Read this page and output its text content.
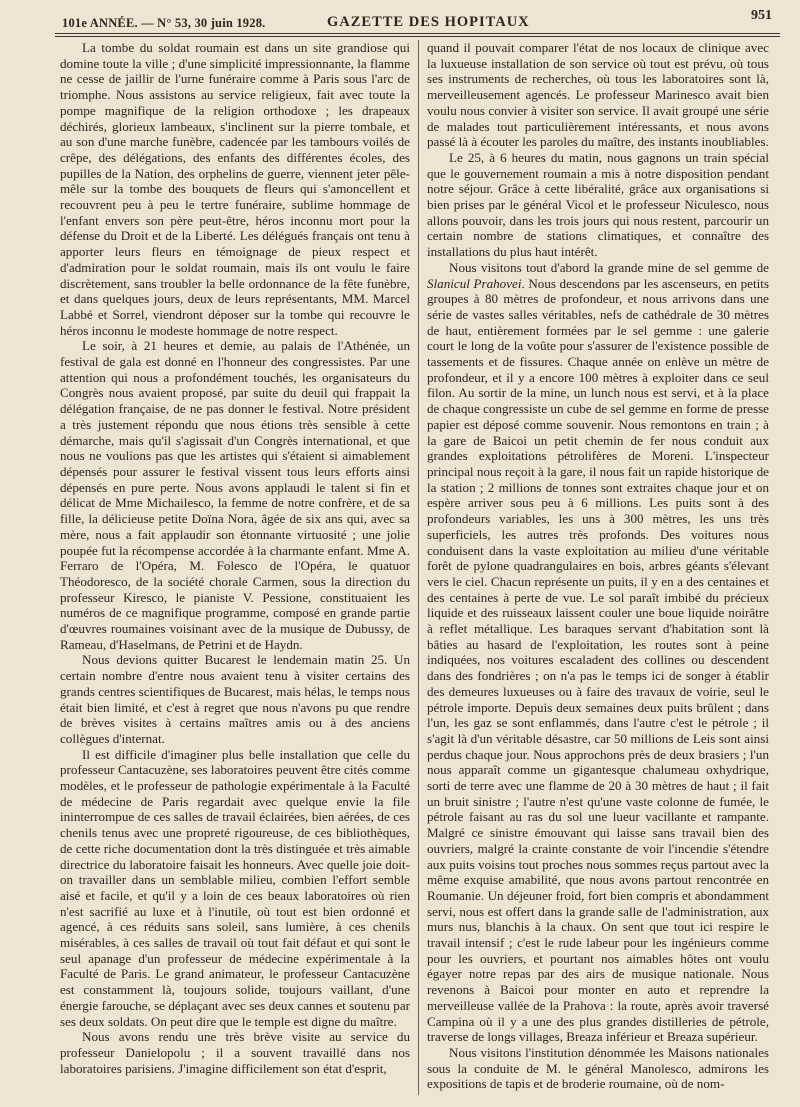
101e ANNÉE. — N° 53, 30 juin 1928.	GAZETTE DES HOPITAUX	951

La tombe du soldat roumain est dans un site grandiose qui domine toute la ville ; d'une simplicité impressionnante, la flamme ne cesse de jaillir de l'urne funéraire comme à Paris sous l'arc de triomphe. Nous assistons au service religieux, fait avec toute la pompe magnifique de la religion orthodoxe ; les drapeaux déchirés, glorieux lambeaux, s'inclinent sur la pierre tombale, et au son d'une marche funèbre, cadencée par les tambours voilés de crêpe, des délégations, des enfants des différentes écoles, des pupilles de la Nation, des orphelins de guerre, viennent jeter pêle-mêle sur la tombe des bouquets de fleurs qui s'amoncellent et recouvrent peu à peu le tertre funéraire, sublime hommage de l'enfant envers son père peut-être, héros inconnu mort pour la défense du Droit et de la Liberté. Les délégués français ont tenu à apporter leurs fleurs en témoignage de pieux respect et d'admiration pour le soldat roumain, mais ils ont voulu le faire discrètement, sans troubler la belle ordonnance de la fête funèbre, et dans quelques jours, deux de leurs représentants, MM. Marcel Labbé et Sorrel, viendront déposer sur la tombe qui recouvre le héros inconnu le modeste hommage de notre respect.

Le soir, à 21 heures et demie, au palais de l'Athénée, un festival de gala est donné en l'honneur des congressistes. Par une attention qui nous a profondément touchés, les organisateurs du Congrès nous avaient proposé, par suite du deuil qui frappait la délégation française, de ne pas donner le festival. Notre président a très justement répondu que nous étions très sensible à cette démarche, mais qu'il s'agissait d'un Congrès international, et que nous ne voulions pas que les artistes qui s'étaient si aimablement dépensés pour assurer le festival vissent tous leurs efforts ainsi dépensés en pure perte. Nous avons applaudi le talent si fin et délicat de Mme Michailesco, la femme de notre confrère, et de sa fille, la délicieuse petite Doïna Nora, âgée de six ans qui, avec sa mère, nous a fait applaudir son étonnante virtuosité ; une jolie poupée fut la récompense accordée à la charmante enfant. Mme A. Ferraro de l'Opéra, M. Folesco de l'Opéra, le quatuor Théodoresco, de la société chorale Carmen, sous la direction du professeur Kiresco, le pianiste V. Pessione, constituaient les numéros de ce magnifique programme, composé en grande partie d'œuvres roumaines voisinant avec de la musique de Dubussy, de Rameau, d'Haselmans, de Petrini et de Haydn.

Nous devions quitter Bucarest le lendemain matin 25. Un certain nombre d'entre nous avaient tenu à visiter certains des grands centres scientifiques de Bucarest, mais hélas, le temps nous était bien limité, et c'est à regret que nous n'avons pu que rendre de brèves visites à certains maîtres amis ou à des anciens collègues d'internat.

Il est difficile d'imaginer plus belle installation que celle du professeur Cantacuzène, ses laboratoires peuvent être cités comme modèles, et le professeur de pathologie expérimentale à la Faculté de médecine de Paris regardait avec quelque envie la file ininterrompue de ces salles de travail éclairées, bien aérées, de ces chenils tenus avec une propreté rigoureuse, de ces bibliothèques, de cette riche documentation dont la très distinguée et très aimable directrice du laboratoire faisait les honneurs. Avec quelle joie doit-on travailler dans un semblable milieu, combien l'effort semble aisé et facile, et qu'il y a loin de ces beaux laboratoires où rien n'est sacrifié au luxe et à l'inutile, où tout est bien ordonné et agencé, à ces réduits sans soleil, sans lumière, à ces chenils misérables, à ces salles de travail où tout fait défaut et qui sont le seul apanage d'un professeur de médecine expérimentale à la Faculté de Paris. Le grand animateur, le professeur Cantacuzène est constamment là, toujours solide, toujours vaillant, d'une énergie farouche, se déplaçant avec ses deux cannes et soutenu par ses deux soldats. On peut dire que le temple est digne du maître.

Nous avons rendu une très brève visite au service du professeur Danielopolu ; il a souvent travaillé dans nos laboratoires parisiens. J'imagine difficilement son état d'esprit,

quand il pouvait comparer l'état de nos locaux de clinique avec la luxueuse installation de son service où tout est prévu, où tous ses instruments de recherches, où tous les laboratoires sont là, merveilleusement agencés. Le professeur Marinesco avait bien voulu nous convier à visiter son service. Il avait groupé une série de malades tout particulièrement intéressants, et nous avons passé là à écouter les paroles du maître, des instants inoubliables.

Le 25, à 6 heures du matin, nous gagnons un train spécial que le gouvernement roumain a mis à notre disposition pendant notre séjour. Grâce à cette libéralité, grâce aux organisations si bien prises par le général Vicol et le professeur Niculesco, nous allons pouvoir, dans les trois jours qui nous restent, parcourir un certain nombre de stations climatiques, et connaître des installations du plus haut intérêt.

Nous visitons tout d'abord la grande mine de sel gemme de Slanicul Prahovei. Nous descendons par les ascenseurs, en petits groupes à 80 mètres de profondeur, et nous arrivons dans une série de vastes salles véritables, nefs de cathédrale de 30 mètres de haut, entièrement formées par le sel gemme : une galerie court le long de la voûte pour s'assurer de l'existence possible de tassements et de fissures. Chaque année on enlève un mètre de profondeur, et il y a encore 100 mètres à exploiter dans ce seul filon. Au sortir de la mine, un lunch nous est servi, et à la place de chaque congressiste un cube de sel gemme en forme de presse papier est déposé comme souvenir. Nous remontons en train ; à la gare de Baicoi un petit chemin de fer nous conduit aux grandes exploitations pétrolifères de Moreni. L'inspecteur principal nous reçoit à la gare, il nous fait un rapide historique de la station ; 2 millions de tonnes sont extraites chaque jour et on espère arriver sous peu à 6 millions. Les puits sont à des profondeurs variables, les uns à 300 mètres, les uns très superficiels, les autres très profonds. Des voitures nous conduisent dans la vaste exploitation au milieu d'une véritable forêt de pylone quadrangulaires en bois, arbres géants s'élevant vers le ciel. Chacun représente un puits, il y en a des centaines et des centaines à perte de vue. Le sol paraît imbibé du précieux liquide et des ruisseaux laissent couler une boue liquide noirâtre à reflet métallique. Les baraques servant d'habitation sont là bâties au hasard de l'exploitation, les routes sont à peine indiquées, nos voitures escaladent des collines ou descendent dans des fondrières ; on n'a pas le temps ici de songer à établir des demeures luxueuses ou à faire des travaux de voirie, seul le pétrole importe. Depuis deux semaines deux puits brûlent ; dans l'un, les gaz se sont enflammés, dans l'autre c'est le pétrole ; il s'agit là d'un véritable désastre, car 50 millions de Leis sont ainsi perdus chaque jour. Nous approchons près de deux brasiers ; l'un nous apparaît comme un gigantesque chalumeau oxhydrique, sorti de terre avec une flamme de 20 à 30 mètres de haut ; il fait un bruit sinistre ; l'autre n'est qu'une vaste colonne de fumée, le pétrole faisant au ras du sol une lueur vacillante et rampante. Malgré ce sinistre émouvant qui laisse sans travail bien des ouvriers, malgré la crainte constante de voir l'incendie s'étendre aux puits voisins tout proches nous sommes reçus partout avec la même exquise amabilité, que nous avons partout rencontrée en Roumanie. Un déjeuner froid, fort bien compris et abondamment servi, nous est offert dans la grande salle de l'administration, aux murs nus, blanchis à la chaux. On sent que tout ici respire le travail intensif ; c'est le rude labeur pour les ingénieurs comme pour les ouvriers, et pourtant nos aimables hôtes ont voulu égayer notre repas par des airs de musique nationale. Nous revenons à Baicoi pour monter en auto et reprendre la merveilleuse vallée de la Prahova : la route, après avoir traversé Campina où il y a une des plus grandes distilleries de pétrole, traverse de longs villages, Breaza inférieur et Breaza supérieur.

Nous visitons l'institution dénommée les Maisons nationales sous la conduite de M. le général Manolesco, admirons les expositions de tapis et de broderie roumaine, où de nom-
